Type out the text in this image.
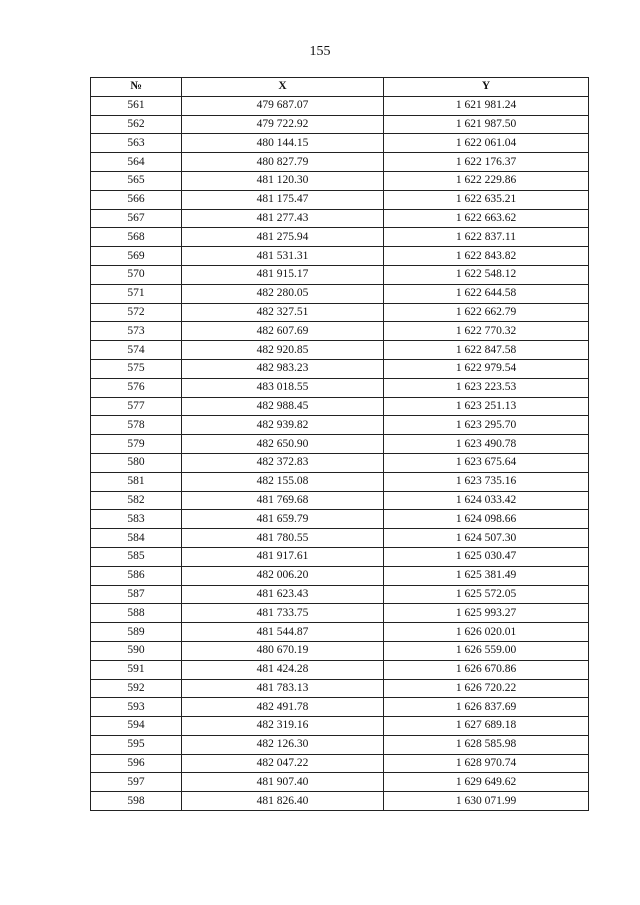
155
№	X	Y
561	479 687.07	1 621 981.24
562	479 722.92	1 621 987.50
563	480 144.15	1 622 061.04
564	480 827.79	1 622 176.37
565	481 120.30	1 622 229.86
566	481 175.47	1 622 635.21
567	481 277.43	1 622 663.62
568	481 275.94	1 622 837.11
569	481 531.31	1 622 843.82
570	481 915.17	1 622 548.12
571	482 280.05	1 622 644.58
572	482 327.51	1 622 662.79
573	482 607.69	1 622 770.32
574	482 920.85	1 622 847.58
575	482 983.23	1 622 979.54
576	483 018.55	1 623 223.53
577	482 988.45	1 623 251.13
578	482 939.82	1 623 295.70
579	482 650.90	1 623 490.78
580	482 372.83	1 623 675.64
581	482 155.08	1 623 735.16
582	481 769.68	1 624 033.42
583	481 659.79	1 624 098.66
584	481 780.55	1 624 507.30
585	481 917.61	1 625 030.47
586	482 006.20	1 625 381.49
587	481 623.43	1 625 572.05
588	481 733.75	1 625 993.27
589	481 544.87	1 626 020.01
590	480 670.19	1 626 559.00
591	481 424.28	1 626 670.86
592	481 783.13	1 626 720.22
593	482 491.78	1 626 837.69
594	482 319.16	1 627 689.18
595	482 126.30	1 628 585.98
596	482 047.22	1 628 970.74
597	481 907.40	1 629 649.62
598	481 826.40	1 630 071.99
